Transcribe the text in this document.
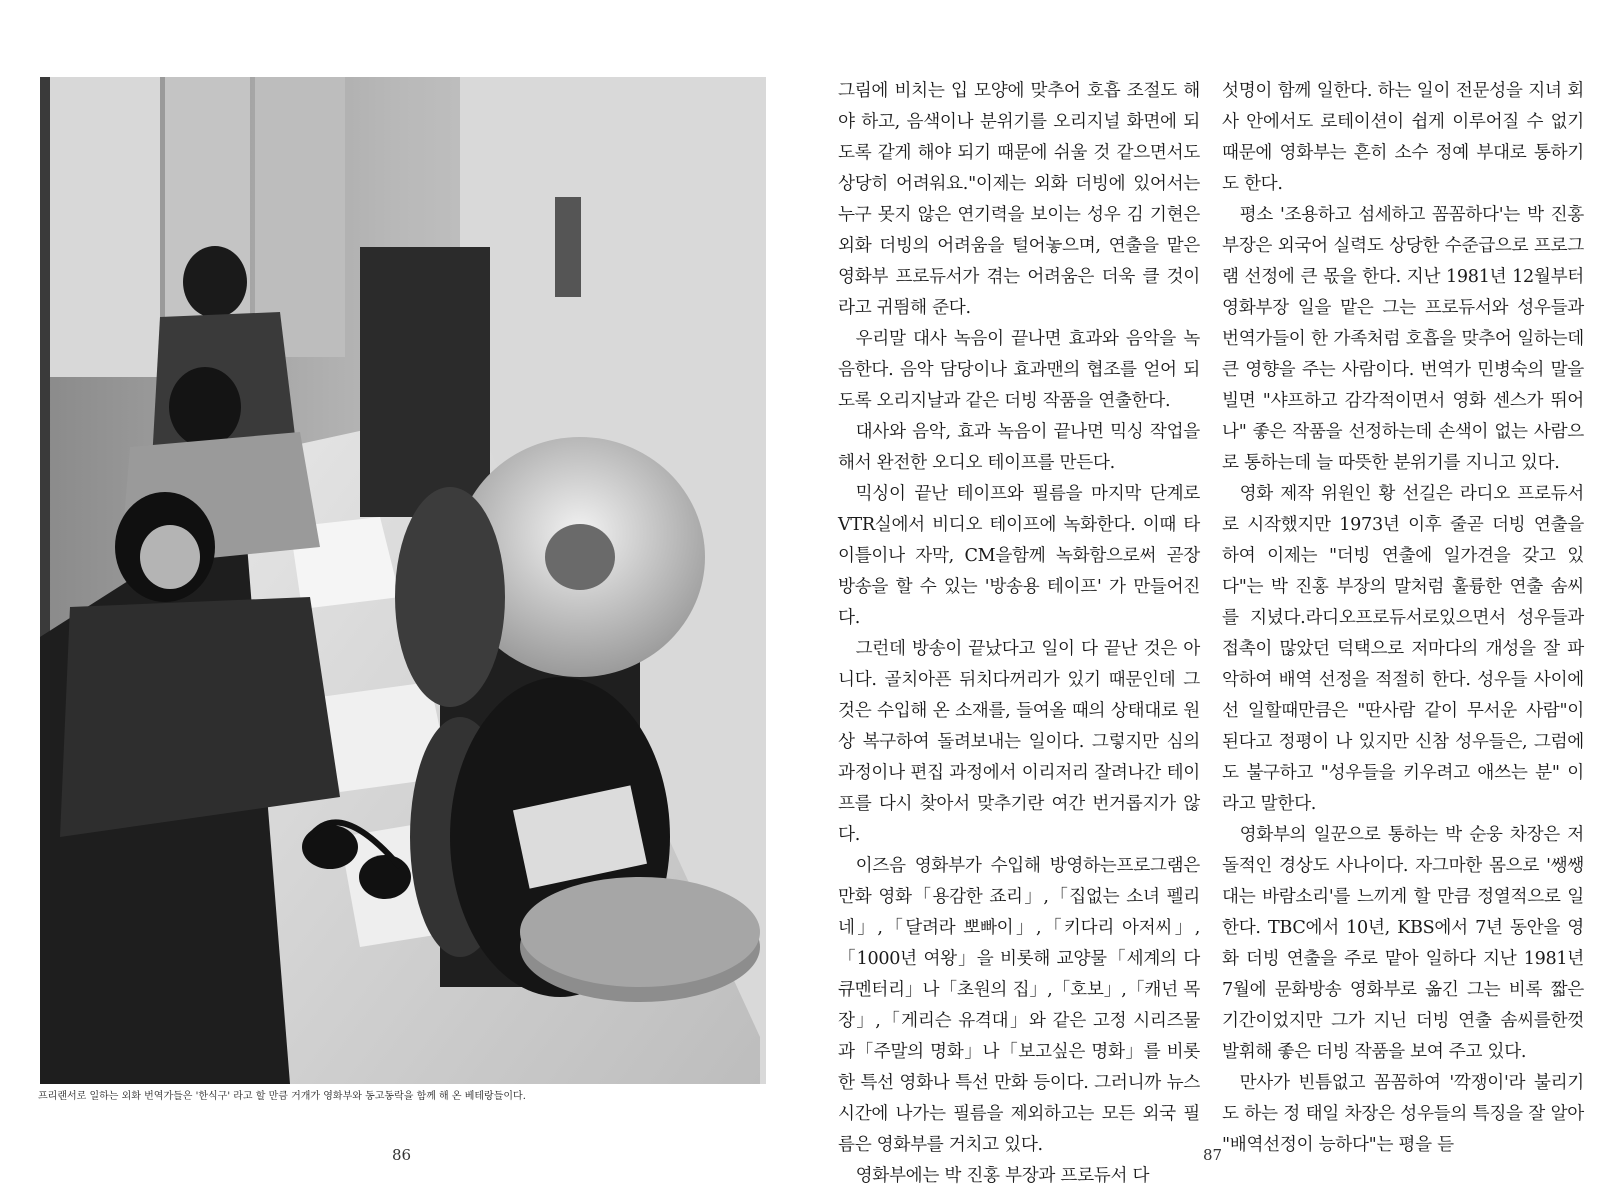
프리랜서로 일하는 외화 번역가들은 '한식구' 라고 할 만큼 거개가 영화부와 동고동락을 함께 해 온 베테랑들이다.
86

그림에 비치는 입 모양에 맞추어 호흡 조절도 해야 하고, 음색이나 분위기를 오리지널 화면에 되도록 같게 해야 되기 때문에 쉬울 것 같으면서도 상당히 어려워요."이제는 외화 더빙에 있어서는 누구 못지 않은 연기력을 보이는 성우 김 기현은 외화 더빙의 어려움을 털어놓으며, 연출을 맡은 영화부 프로듀서가 겪는 어려움은 더욱 클 것이라고 귀띔해 준다.

우리말 대사 녹음이 끝나면 효과와 음악을 녹음한다. 음악 담당이나 효과맨의 협조를 얻어 되도록 오리지날과 같은 더빙 작품을 연출한다.

대사와 음악, 효과 녹음이 끝나면 믹싱 작업을 해서 완전한 오디오 테이프를 만든다.

믹싱이 끝난 테이프와 필름을 마지막 단계로 VTR실에서 비디오 테이프에 녹화한다. 이때 타이틀이나 자막, CM을함께 녹화함으로써 곧장 방송을 할 수 있는 '방송용 테이프' 가 만들어진다.

그런데 방송이 끝났다고 일이 다 끝난 것은 아니다. 골치아픈 뒤치다꺼리가 있기 때문인데 그것은 수입해 온 소재를, 들여올 때의 상태대로 원상 복구하여 돌려보내는 일이다. 그렇지만 심의 과정이나 편집 과정에서 이리저리 잘려나간 테이프를 다시 찾아서 맞추기란 여간 번거롭지가 않다.

이즈음 영화부가 수입해 방영하는프로그램은 만화 영화「용감한 죠리」,「집없는 소녀 펠리네」,「달려라 뽀빠이」,「키다리 아저씨」,「1000년 여왕」을 비롯해 교양물「세계의 다큐멘터리」나「초원의 집」,「호보」,「캐넌 목장」,「게리슨 유격대」와 같은 고정 시리즈물과「주말의 명화」나「보고싶은 명화」를 비롯한 특선 영화나 특선 만화 등이다. 그러니까 뉴스 시간에 나가는 필름을 제외하고는 모든 외국 필름은 영화부를 거치고 있다.

영화부에는 박 진홍 부장과 프로듀서 다

섯명이 함께 일한다. 하는 일이 전문성을 지녀 회사 안에서도 로테이션이 쉽게 이루어질 수 없기 때문에 영화부는 흔히 소수 정예 부대로 통하기도 한다.

평소 '조용하고 섬세하고 꼼꼼하다'는 박 진홍 부장은 외국어 실력도 상당한 수준급으로 프로그램 선정에 큰 몫을 한다. 지난 1981년 12월부터 영화부장 일을 맡은 그는 프로듀서와 성우들과 번역가들이 한 가족처럼 호흡을 맞추어 일하는데 큰 영향을 주는 사람이다. 번역가 민병숙의 말을 빌면 "샤프하고 감각적이면서 영화 센스가 뛰어나" 좋은 작품을 선정하는데 손색이 없는 사람으로 통하는데 늘 따뜻한 분위기를 지니고 있다.

영화 제작 위원인 황 선길은 라디오 프로듀서로 시작했지만 1973년 이후 줄곧 더빙 연출을 하여 이제는 "더빙 연출에 일가견을 갖고 있다"는 박 진홍 부장의 말처럼 훌륭한 연출 솜씨를 지녔다.라디오프로듀서로있으면서 성우들과 접촉이 많았던 덕택으로 저마다의 개성을 잘 파악하여 배역 선정을 적절히 한다. 성우들 사이에선 일할때만큼은 "딴사람 같이 무서운 사람"이 된다고 정평이 나 있지만 신참 성우들은, 그럼에도 불구하고 "성우들을 키우려고 애쓰는 분" 이라고 말한다.

영화부의 일꾼으로 통하는 박 순웅 차장은 저돌적인 경상도 사나이다. 자그마한 몸으로 '쌩쌩대는 바람소리'를 느끼게 할 만큼 정열적으로 일한다. TBC에서 10년, KBS에서 7년 동안을 영화 더빙 연출을 주로 맡아 일하다 지난 1981년 7월에 문화방송 영화부로 옮긴 그는 비록 짧은 기간이었지만 그가 지닌 더빙 연출 솜씨를한껏 발휘해 좋은 더빙 작품을 보여 주고 있다.

만사가 빈틈없고 꼼꼼하여 '깍쟁이'라 불리기도 하는 정 태일 차장은 성우들의 특징을 잘 알아 "배역선정이 능하다"는 평을 듣

87
